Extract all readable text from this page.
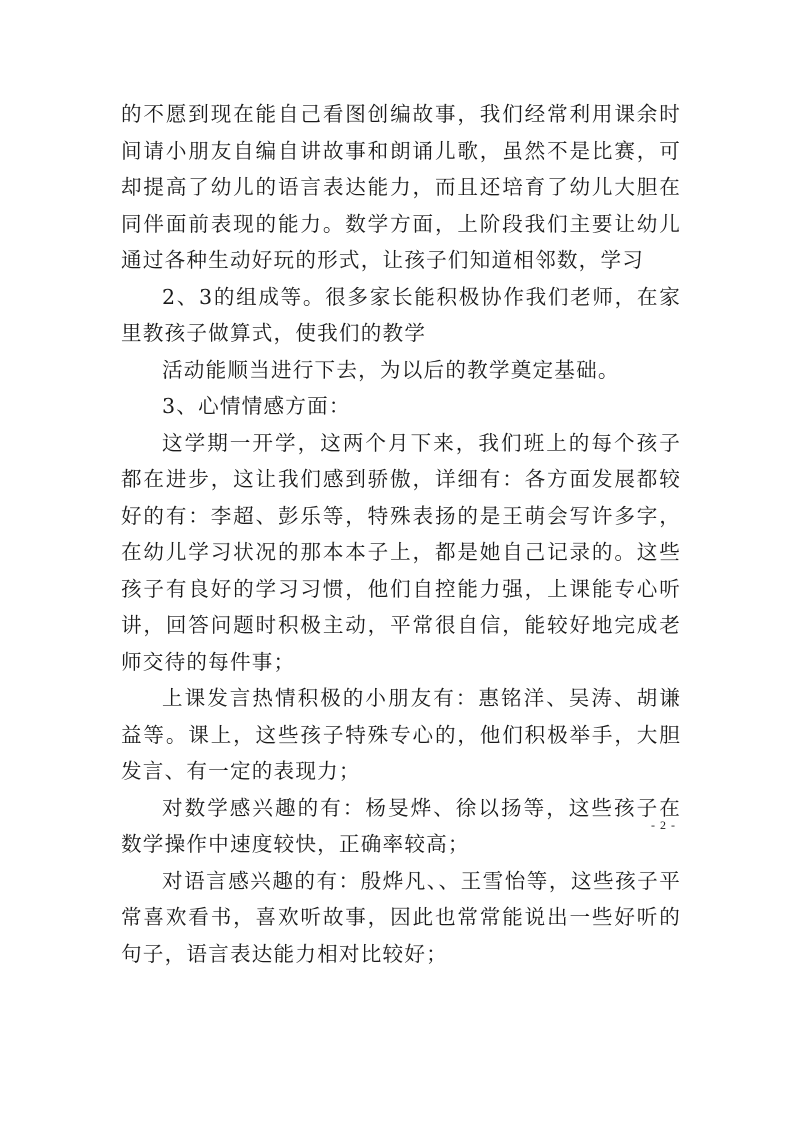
的不愿到现在能自己看图创编故事，我们经常利用课余时间请小朋友自编自讲故事和朗诵儿歌，虽然不是比赛，可却提高了幼儿的语言表达能力，而且还培育了幼儿大胆在同伴面前表现的能力。数学方面，上阶段我们主要让幼儿通过各种生动好玩的形式，让孩子们知道相邻数，学习

2、3的组成等。很多家长能积极协作我们老师，在家里教孩子做算式，使我们的教学

活动能顺当进行下去，为以后的教学奠定基础。

3、心情情感方面：

这学期一开学，这两个月下来，我们班上的每个孩子都在进步，这让我们感到骄傲，详细有：各方面发展都较好的有：李超、彭乐等，特殊表扬的是王萌会写许多字，在幼儿学习状况的那本本子上，都是她自己记录的。这些孩子有良好的学习习惯，他们自控能力强，上课能专心听讲，回答问题时积极主动，平常很自信，能较好地完成老师交待的每件事；

上课发言热情积极的小朋友有：惠铭洋、吴涛、胡谦益等。课上，这些孩子特殊专心的，他们积极举手，大胆发言、有一定的表现力；

对数学感兴趣的有：杨旻烨、徐以扬等，这些孩子在数学操作中速度较快，正确率较高；

对语言感兴趣的有：殷烨凡、、王雪怡等，这些孩子平常喜欢看书，喜欢听故事，因此也常常能说出一些好听的句子，语言表达能力相对比较好；

- 2 -
